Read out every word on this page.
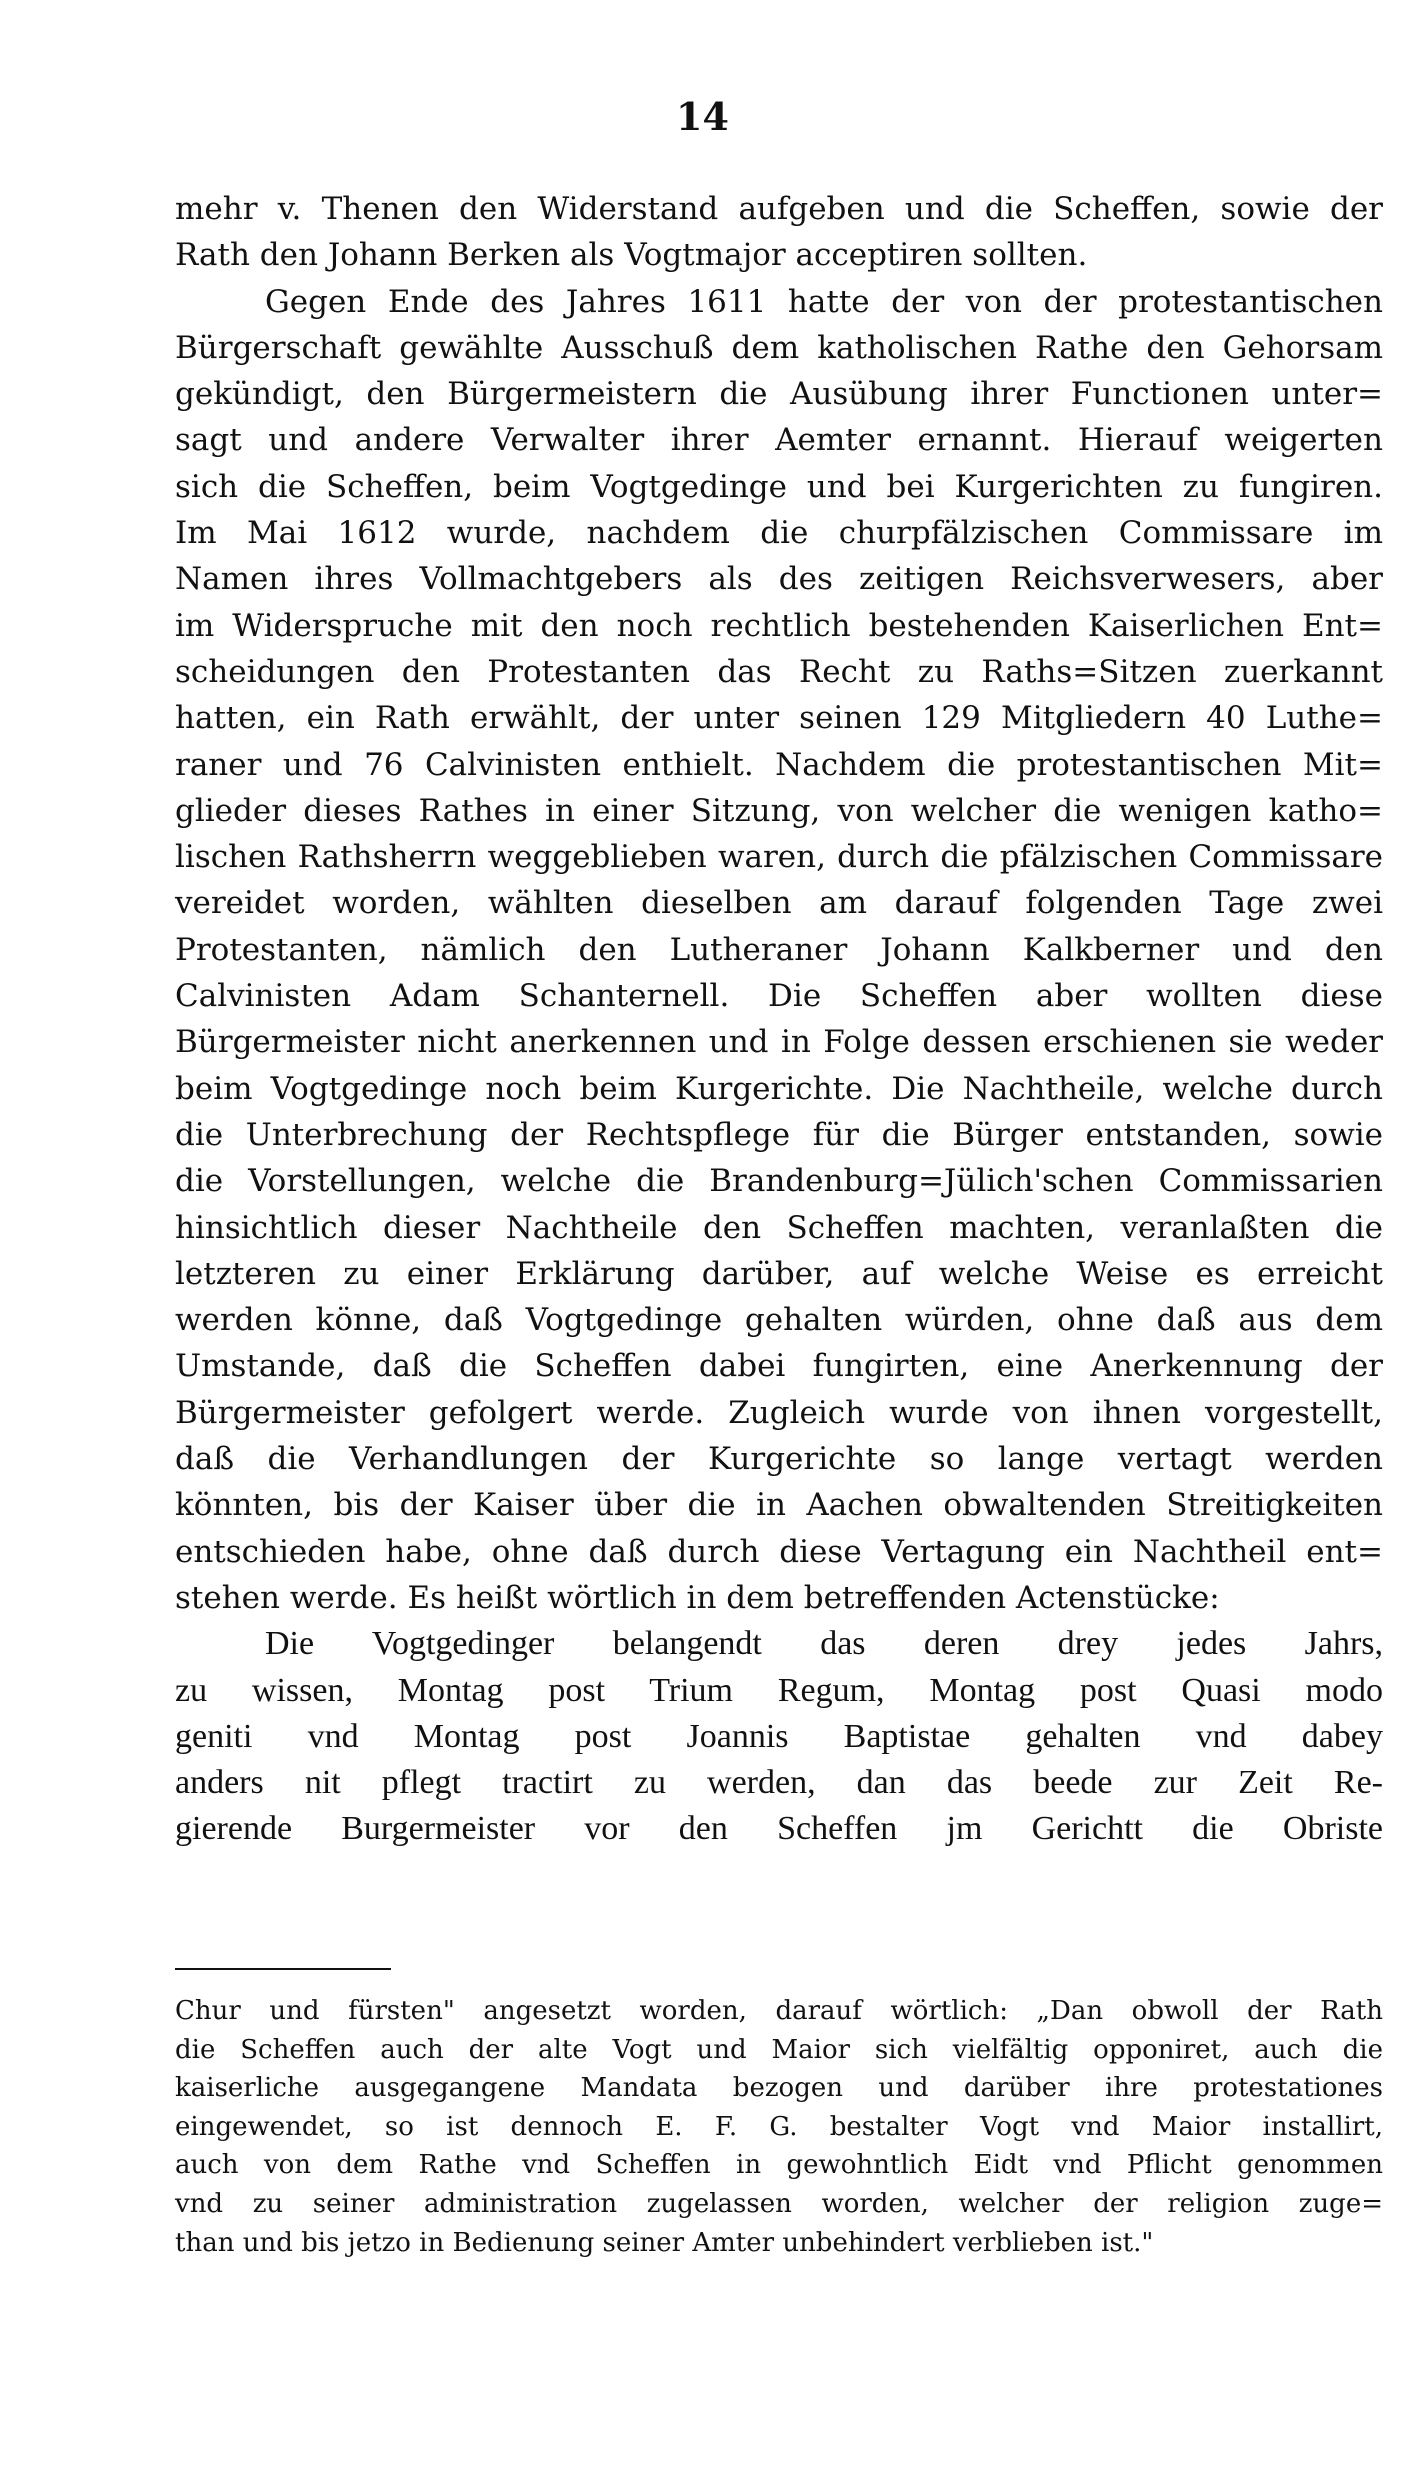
14
mehr v. Thenen den Widerstand aufgeben und die Scheffen, sowie der
Rath den Johann Berken als Vogtmajor acceptiren sollten.
Gegen Ende des Jahres 1611 hatte der von der protestantischen
Bürgerschaft gewählte Ausschuß dem katholischen Rathe den Gehorsam
gekündigt, den Bürgermeistern die Ausübung ihrer Functionen unter=
sagt und andere Verwalter ihrer Aemter ernannt. Hierauf weigerten
sich die Scheffen, beim Vogtgedinge und bei Kurgerichten zu fungiren.
Im Mai 1612 wurde, nachdem die churpfälzischen Commissare im
Namen ihres Vollmachtgebers als des zeitigen Reichsverwesers, aber
im Widerspruche mit den noch rechtlich bestehenden Kaiserlichen Ent=
scheidungen den Protestanten das Recht zu Raths=Sitzen zuerkannt
hatten, ein Rath erwählt, der unter seinen 129 Mitgliedern 40 Luthe=
raner und 76 Calvinisten enthielt. Nachdem die protestantischen Mit=
glieder dieses Rathes in einer Sitzung, von welcher die wenigen katho=
lischen Rathsherrn weggeblieben waren, durch die pfälzischen Commissare
vereidet worden, wählten dieselben am darauf folgenden Tage zwei
Protestanten, nämlich den Lutheraner Johann Kalkberner und den
Calvinisten Adam Schanternell. Die Scheffen aber wollten diese
Bürgermeister nicht anerkennen und in Folge dessen erschienen sie weder
beim Vogtgedinge noch beim Kurgerichte. Die Nachtheile, welche durch
die Unterbrechung der Rechtspflege für die Bürger entstanden, sowie
die Vorstellungen, welche die Brandenburg=Jülich'schen Commissarien
hinsichtlich dieser Nachtheile den Scheffen machten, veranlaßten die
letzteren zu einer Erklärung darüber, auf welche Weise es erreicht
werden könne, daß Vogtgedinge gehalten würden, ohne daß aus dem
Umstande, daß die Scheffen dabei fungirten, eine Anerkennung der
Bürgermeister gefolgert werde. Zugleich wurde von ihnen vorgestellt,
daß die Verhandlungen der Kurgerichte so lange vertagt werden
könnten, bis der Kaiser über die in Aachen obwaltenden Streitigkeiten
entschieden habe, ohne daß durch diese Vertagung ein Nachtheil ent=
stehen werde. Es heißt wörtlich in dem betreffenden Actenstücke:
Die Vogtgedinger belangendt das deren drey jedes Jahrs,
zu wissen, Montag post Trium Regum, Montag post Quasi modo
geniti vnd Montag post Joannis Baptistae gehalten vnd dabey
anders nit pflegt tractirt zu werden, dan das beede zur Zeit Re-
gierende Burgermeister vor den Scheffen jm Gerichtt die Obriste
Chur und fürsten" angesetzt worden, darauf wörtlich: „Dan obwoll der Rath
die Scheffen auch der alte Vogt und Maior sich vielfältig opponiret, auch die
kaiserliche ausgegangene Mandata bezogen und darüber ihre protestationes
eingewendet, so ist dennoch E. F. G. bestalter Vogt vnd Maior installirt,
auch von dem Rathe vnd Scheffen in gewohntlich Eidt vnd Pflicht genommen
vnd zu seiner administration zugelassen worden, welcher der religion zuge=
than und bis jetzo in Bedienung seiner Amter unbehindert verblieben ist."
